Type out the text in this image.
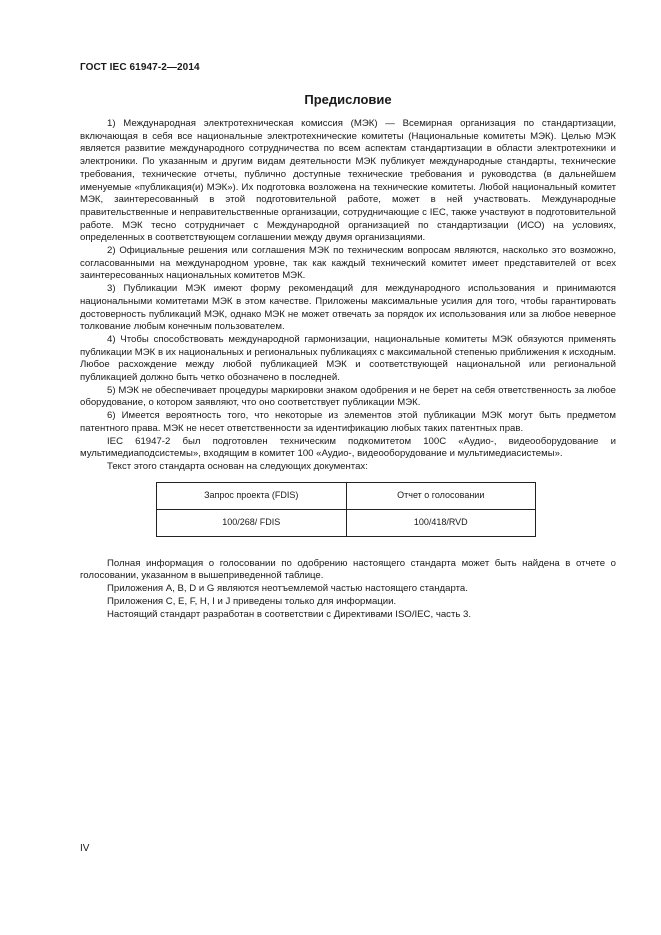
ГОСТ IEC 61947-2—2014
Предисловие

1) Международная электротехническая комиссия (МЭК) — Всемирная организация по стандартизации, включающая в себя все национальные электротехнические комитеты (Национальные комитеты МЭК). Целью МЭК является развитие международного сотрудничества по всем аспектам стандартизации в области электротехники и электроники. По указанным и другим видам деятельности МЭК публикует международные стандарты, технические требования, технические отчеты, публично доступные технические требования и руководства (в дальнейшем именуемые «публикация(и) МЭК»). Их подготовка возложена на технические комитеты. Любой национальный комитет МЭК, заинтересованный в этой подготовительной работе, может в ней участвовать. Международные правительственные и неправительственные организации, сотрудничающие с IEC, также участвуют в подготовительной работе. МЭК тесно сотрудничает с Международной организацией по стандартизации (ИСО) на условиях, определенных в соответствующем соглашении между двумя организациями.

2) Официальные решения или соглашения МЭК по техническим вопросам являются, насколько это возможно, согласованными на международном уровне, так как каждый технический комитет имеет представителей от всех заинтересованных национальных комитетов МЭК.

3) Публикации МЭК имеют форму рекомендаций для международного использования и принимаются национальными комитетами МЭК в этом качестве. Приложены максимальные усилия для того, чтобы гарантировать достоверность публикаций МЭК, однако МЭК не может отвечать за порядок их использования или за любое неверное толкование любым конечным пользователем.

4) Чтобы способствовать международной гармонизации, национальные комитеты МЭК обязуются применять публикации МЭК в их национальных и региональных публикациях с максимальной степенью приближения к исходным. Любое расхождение между любой публикацией МЭК и соответствующей национальной или региональной публикацией должно быть четко обозначено в последней.

5) МЭК не обеспечивает процедуры маркировки знаком одобрения и не берет на себя ответственность за любое оборудование, о котором заявляют, что оно соответствует публикации МЭК.

6) Имеется вероятность того, что некоторые из элементов этой публикации МЭК могут быть предметом патентного права. МЭК не несет ответственности за идентификацию любых таких патентных прав.

IEC 61947-2 был подготовлен техническим подкомитетом 100C «Аудио-, видеооборудование и мультимедиаподсистемы», входящим в комитет 100 «Аудио-, видеооборудование и мультимедиасистемы».

Текст этого стандарта основан на следующих документах:

Запрос проекта (FDIS)	Отчет о голосовании
100/268/ FDIS	100/418/RVD

Полная информация о голосовании по одобрению настоящего стандарта может быть найдена в отчете о голосовании, указанном в вышеприведенной таблице.

Приложения A, B, D и G являются неотъемлемой частью настоящего стандарта.

Приложения C, E, F, H, I и J приведены только для информации.

Настоящий стандарт разработан в соответствии с Директивами ISO/IEC, часть 3.

IV
